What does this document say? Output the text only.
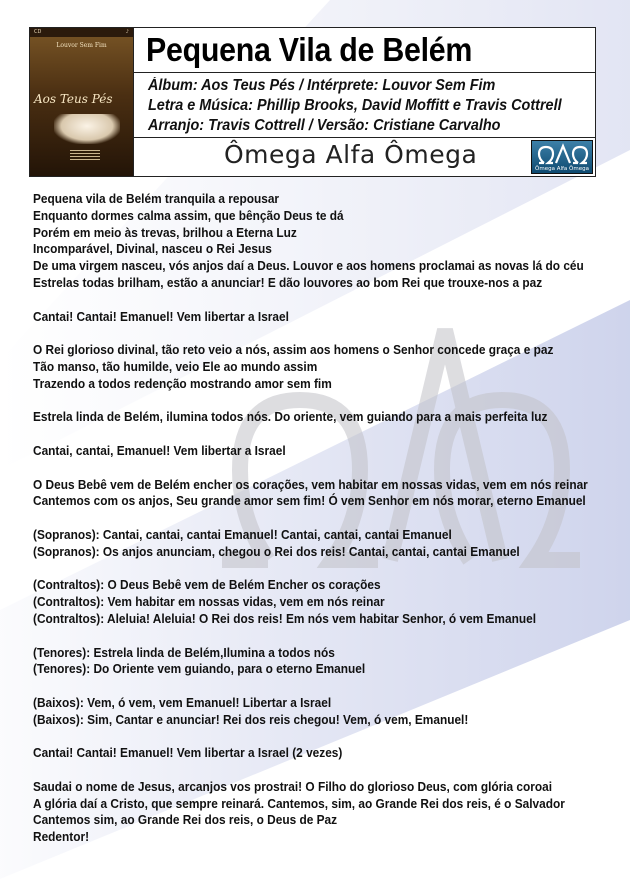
CD	♪
Louvor Sem Fim
Aos Teus Pés
Pequena Vila de Belém
Álbum: Aos Teus Pés / Intérprete: Louvor Sem Fim
Letra e Música: Phillip Brooks, David Moffitt e Travis Cottrell
Arranjo: Travis Cottrell / Versão: Cristiane Carvalho
Ômega Alfa Ômega	Ômega Alfa Ômega
Pequena vila de Belém tranquila a repousar
Enquanto dormes calma assim, que bênção Deus te dá
Porém em meio às trevas, brilhou a Eterna Luz
Incomparável, Divinal, nasceu o Rei Jesus
De uma virgem nasceu, vós anjos daí a Deus. Louvor e aos homens proclamai as novas lá do céu
Estrelas todas brilham, estão a anunciar! E dão louvores ao bom Rei que trouxe-nos a paz
Cantai! Cantai! Emanuel! Vem libertar a Israel
O Rei glorioso divinal, tão reto veio a nós, assim aos homens o Senhor concede graça e paz
Tão manso, tão humilde, veio Ele ao mundo assim
Trazendo a todos redenção mostrando amor sem fim
Estrela linda de Belém, ilumina todos nós. Do oriente, vem guiando para a mais perfeita luz
Cantai, cantai, Emanuel! Vem libertar a Israel
O Deus Bebê vem de Belém encher os corações, vem habitar em nossas vidas, vem em nós reinar
Cantemos com os anjos, Seu grande amor sem fim! Ó vem Senhor em nós morar, eterno Emanuel
(Sopranos): Cantai, cantai, cantai Emanuel! Cantai, cantai, cantai Emanuel
(Sopranos): Os anjos anunciam, chegou o Rei dos reis! Cantai, cantai, cantai Emanuel
(Contraltos): O Deus Bebê vem de Belém Encher os corações
(Contraltos): Vem habitar em nossas vidas, vem em nós reinar
(Contraltos): Aleluia! Aleluia! O Rei dos reis! Em nós vem habitar Senhor, ó vem Emanuel
(Tenores): Estrela linda de Belém,Ilumina a todos nós
(Tenores): Do Oriente vem guiando, para o eterno Emanuel
(Baixos): Vem, ó vem, vem Emanuel! Libertar a Israel
(Baixos): Sim, Cantar e anunciar! Rei dos reis chegou! Vem, ó vem, Emanuel!
Cantai! Cantai! Emanuel! Vem libertar a Israel (2 vezes)
Saudai o nome de Jesus, arcanjos vos prostrai! O Filho do glorioso Deus, com glória coroai
A glória daí a Cristo, que sempre reinará. Cantemos, sim, ao Grande Rei dos reis, é o Salvador
Cantemos sim, ao Grande Rei dos reis, o Deus de Paz
Redentor!
